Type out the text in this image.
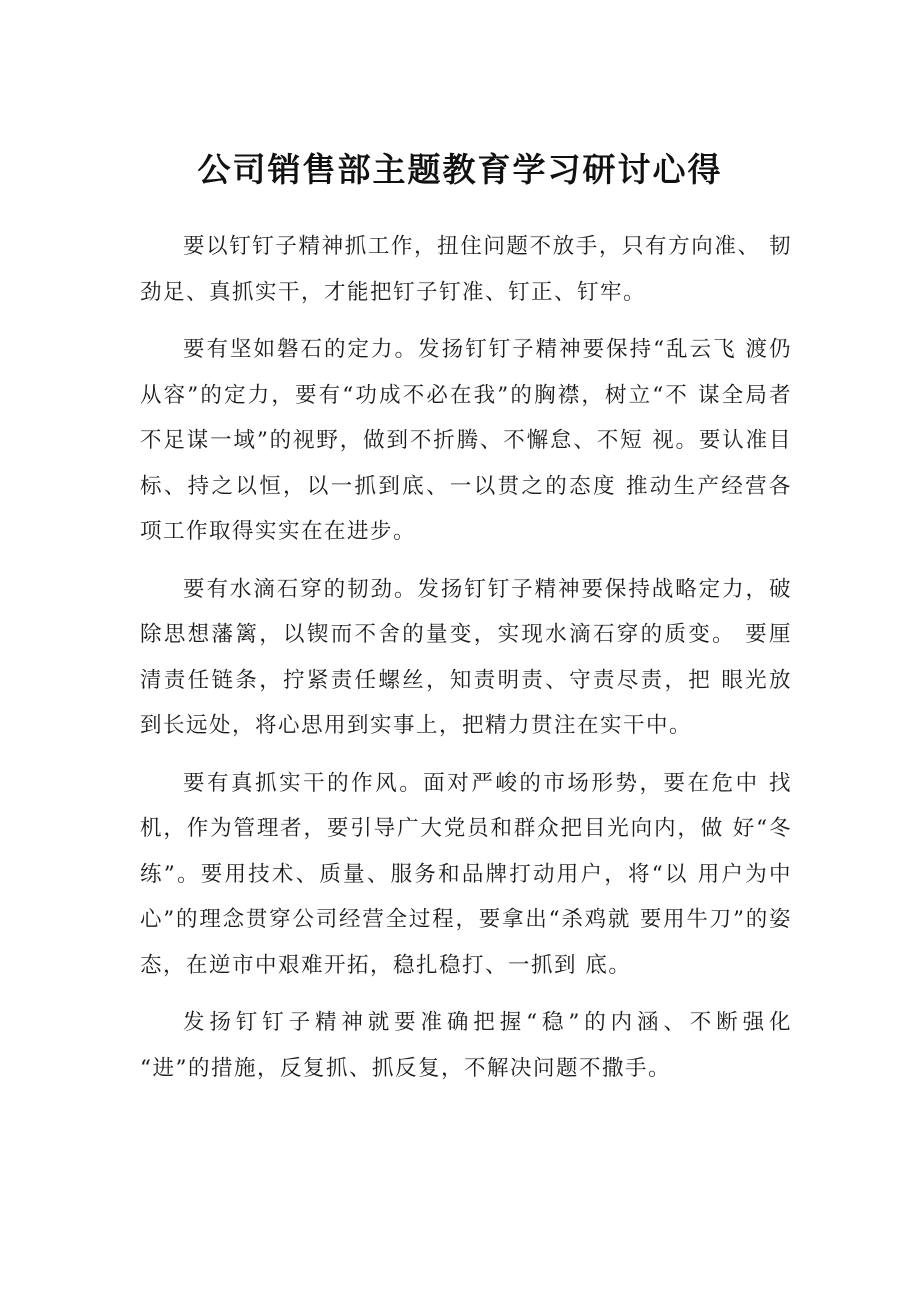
公司销售部主题教育学习研讨心得

要以钉钉子精神抓工作，扭住问题不放手，只有方向准、 韧劲足、真抓实干，才能把钉子钉准、钉正、钉牢。

要有坚如磐石的定力。发扬钉钉子精神要保持“乱云飞 渡仍从容”的定力，要有“功成不必在我”的胸襟，树立“不 谋全局者不足谋一域”的视野，做到不折腾、不懈怠、不短 视。要认准目标、持之以恒，以一抓到底、一以贯之的态度 推动生产经营各项工作取得实实在在进步。

要有水滴石穿的韧劲。发扬钉钉子精神要保持战略定力，破除思想藩篱，以锲而不舍的量变，实现水滴石穿的质变。 要厘清责任链条，拧紧责任螺丝，知责明责、守责尽责，把 眼光放到长远处，将心思用到实事上，把精力贯注在实干中。

要有真抓实干的作风。面对严峻的市场形势，要在危中 找机，作为管理者，要引导广大党员和群众把目光向内，做 好“冬练”。要用技术、质量、服务和品牌打动用户，将“以 用户为中心”的理念贯穿公司经营全过程，要拿出“杀鸡就 要用牛刀”的姿态，在逆市中艰难开拓，稳扎稳打、一抓到 底。

发扬钉钉子精神就要准确把握“稳”的内涵、不断强化 “进”的措施，反复抓、抓反复，不解决问题不撒手。
